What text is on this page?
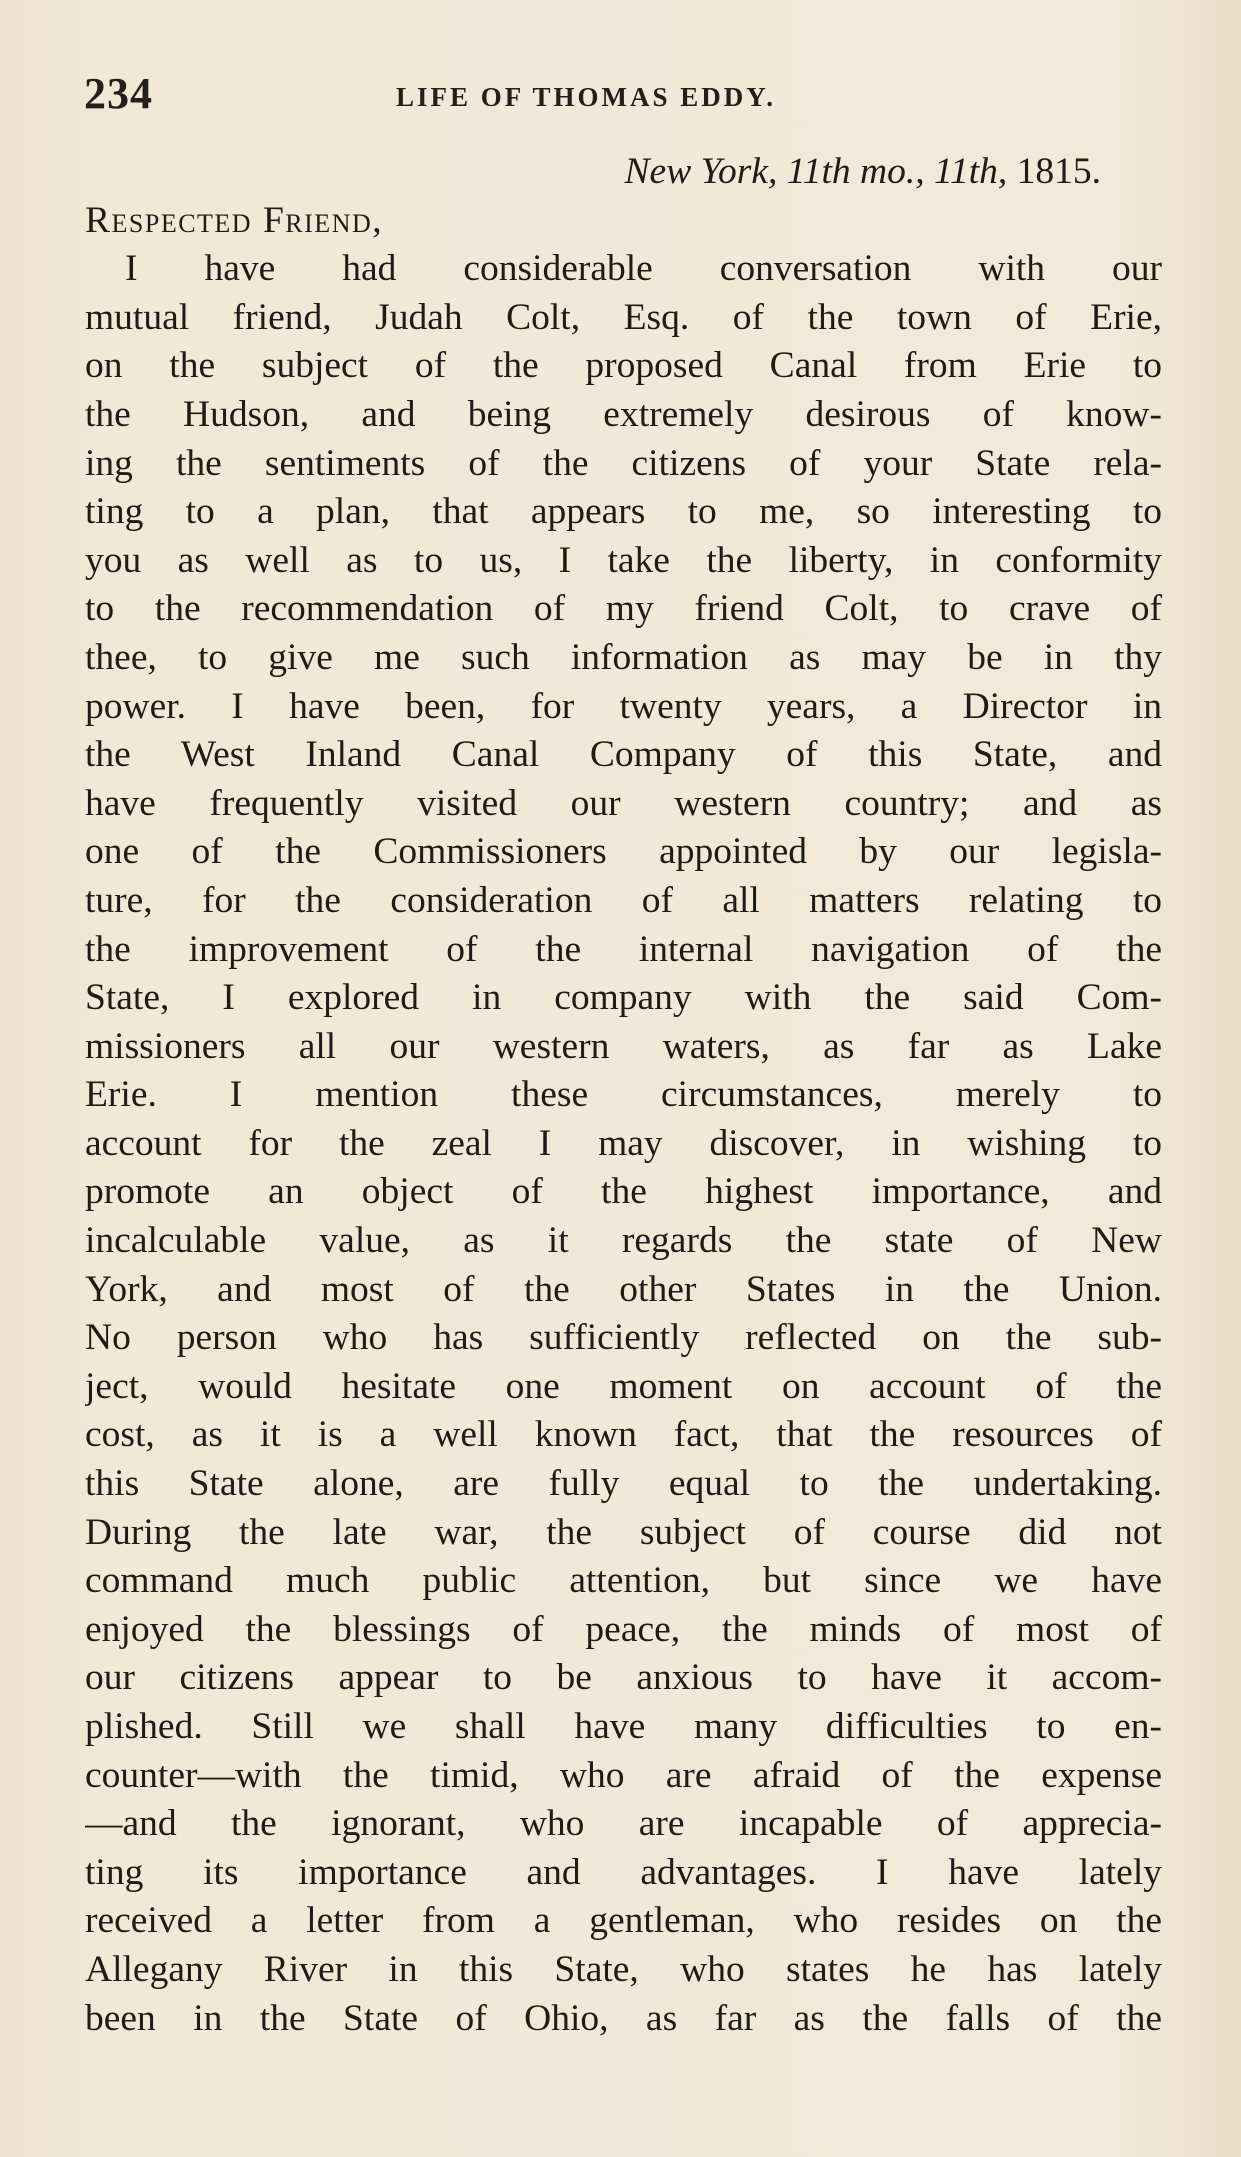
234	LIFE OF THOMAS EDDY.
New York, 11th mo., 11th, 1815.
Respected Friend,
I have had considerable conversation with our
mutual friend, Judah Colt, Esq. of the town of Erie,
on the subject of the proposed Canal from Erie to
the Hudson, and being extremely desirous of know-
ing the sentiments of the citizens of your State rela-
ting to a plan, that appears to me, so interesting to
you as well as to us, I take the liberty, in conformity
to the recommendation of my friend Colt, to crave of
thee, to give me such information as may be in thy
power. I have been, for twenty years, a Director in
the West Inland Canal Company of this State, and
have frequently visited our western country; and as
one of the Commissioners appointed by our legisla-
ture, for the consideration of all matters relating to
the improvement of the internal navigation of the
State, I explored in company with the said Com-
missioners all our western waters, as far as Lake
Erie. I mention these circumstances, merely to
account for the zeal I may discover, in wishing to
promote an object of the highest importance, and
incalculable value, as it regards the state of New
York, and most of the other States in the Union.
No person who has sufficiently reflected on the sub-
ject, would hesitate one moment on account of the
cost, as it is a well known fact, that the resources of
this State alone, are fully equal to the undertaking.
During the late war, the subject of course did not
command much public attention, but since we have
enjoyed the blessings of peace, the minds of most of
our citizens appear to be anxious to have it accom-
plished. Still we shall have many difficulties to en-
counter—with the timid, who are afraid of the expense
—and the ignorant, who are incapable of apprecia-
ting its importance and advantages. I have lately
received a letter from a gentleman, who resides on the
Allegany River in this State, who states he has lately
been in the State of Ohio, as far as the falls of the
